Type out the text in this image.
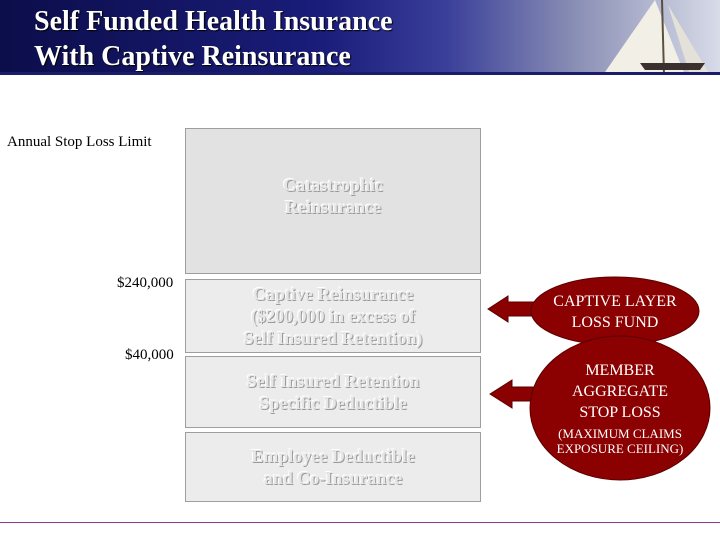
Self Funded Health Insurance
With Captive Reinsurance
Annual Stop Loss Limit
$240,000
$40,000
Catastrophic
Reinsurance
Captive Reinsurance
($200,000 in excess of
Self Insured Retention)
Self Insured Retention
Specific Deductible
Employee Deductible
and Co-Insurance
CAPTIVE LAYER
LOSS FUND
MEMBER
AGGREGATE
STOP LOSS
(MAXIMUM CLAIMS
EXPOSURE CEILING)
